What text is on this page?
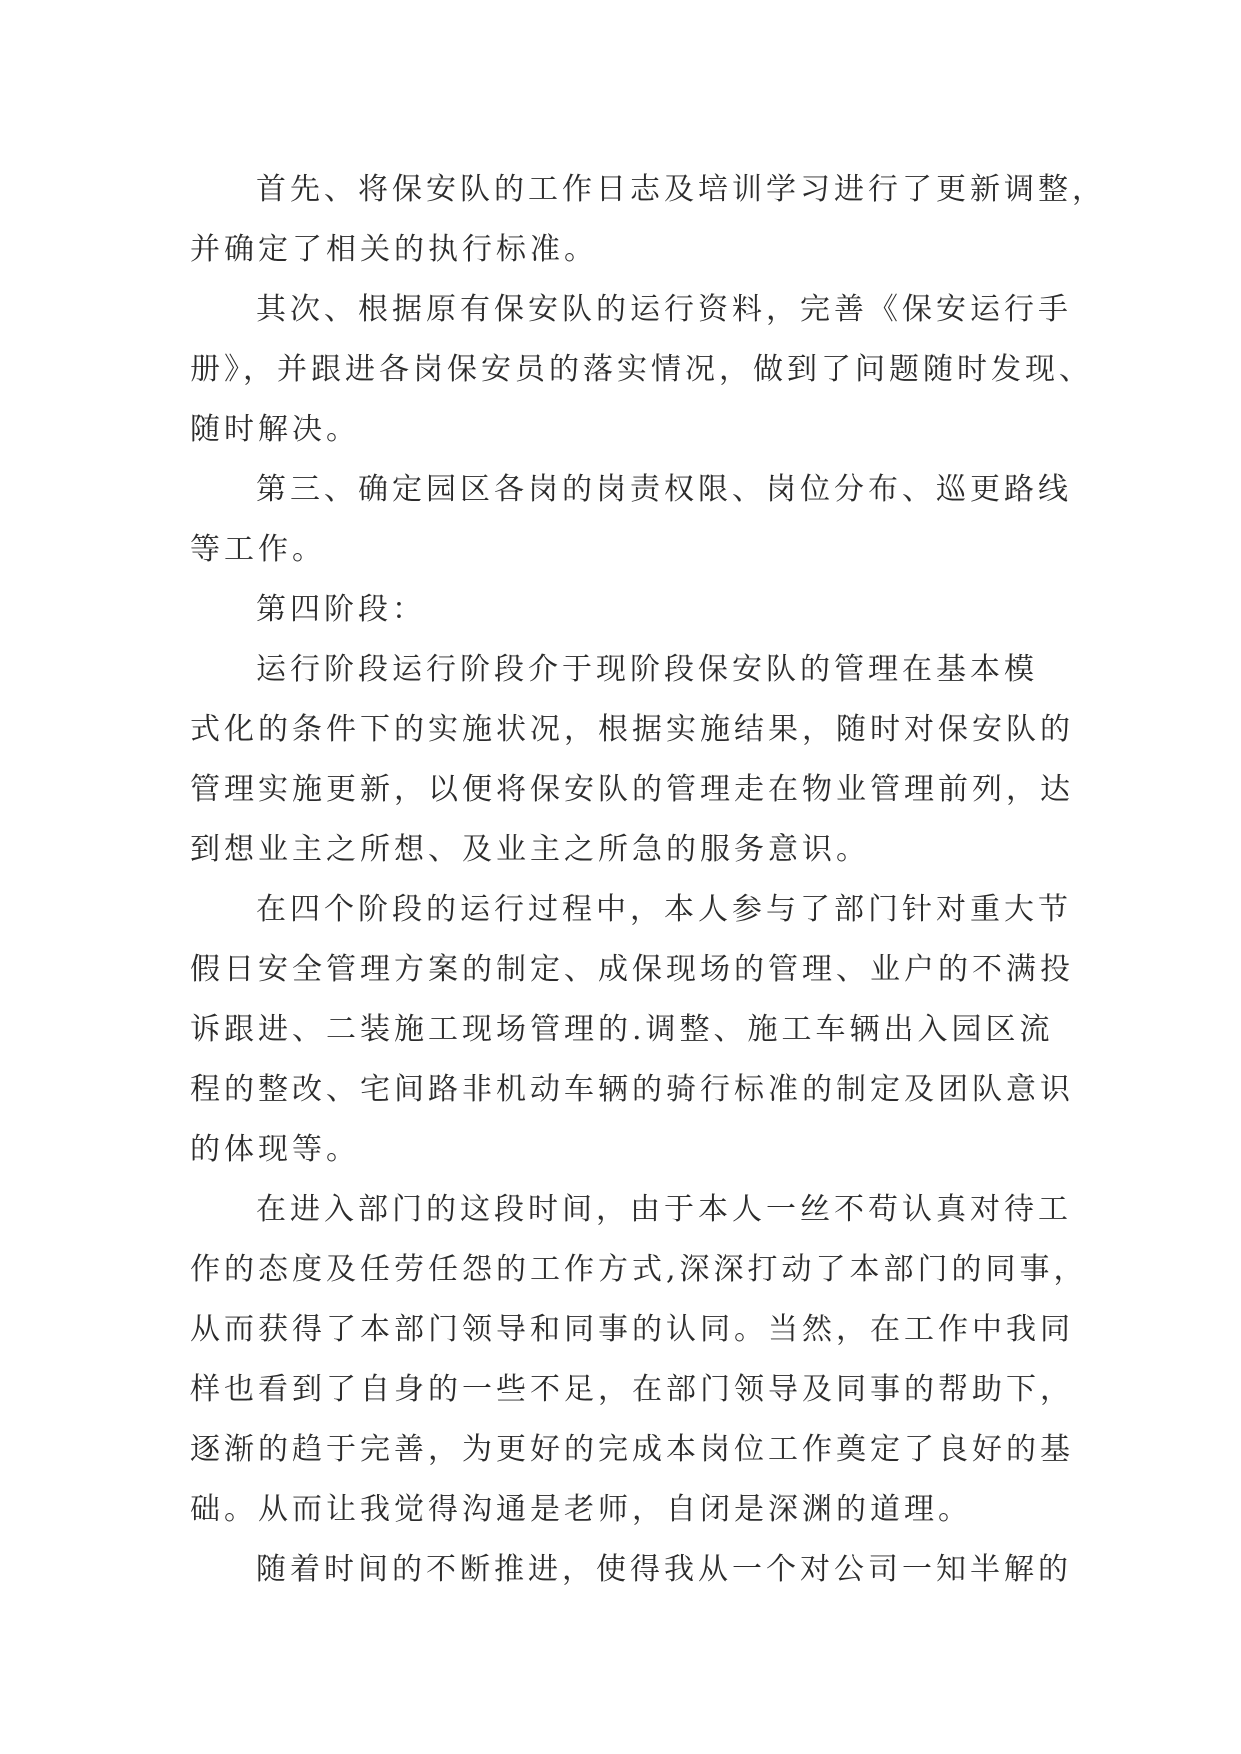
首先、将保安队的工作日志及培训学习进行了更新调整，
并确定了相关的执行标准。
其次、根据原有保安队的运行资料，完善《保安运行手
册》，并跟进各岗保安员的落实情况，做到了问题随时发现、
随时解决。
第三、确定园区各岗的岗责权限、岗位分布、巡更路线
等工作。
第四阶段：
运行阶段运行阶段介于现阶段保安队的管理在基本模
式化的条件下的实施状况，根据实施结果，随时对保安队的
管理实施更新，以便将保安队的管理走在物业管理前列，达
到想业主之所想、及业主之所急的服务意识。
在四个阶段的运行过程中，本人参与了部门针对重大节
假日安全管理方案的制定、成保现场的管理、业户的不满投
诉跟进、二装施工现场管理的.调整、施工车辆出入园区流
程的整改、宅间路非机动车辆的骑行标准的制定及团队意识
的体现等。
在进入部门的这段时间，由于本人一丝不苟认真对待工
作的态度及任劳任怨的工作方式,深深打动了本部门的同事，
从而获得了本部门领导和同事的认同。当然，在工作中我同
样也看到了自身的一些不足，在部门领导及同事的帮助下，
逐渐的趋于完善，为更好的完成本岗位工作奠定了良好的基
础。从而让我觉得沟通是老师，自闭是深渊的道理。
随着时间的不断推进，使得我从一个对公司一知半解的
